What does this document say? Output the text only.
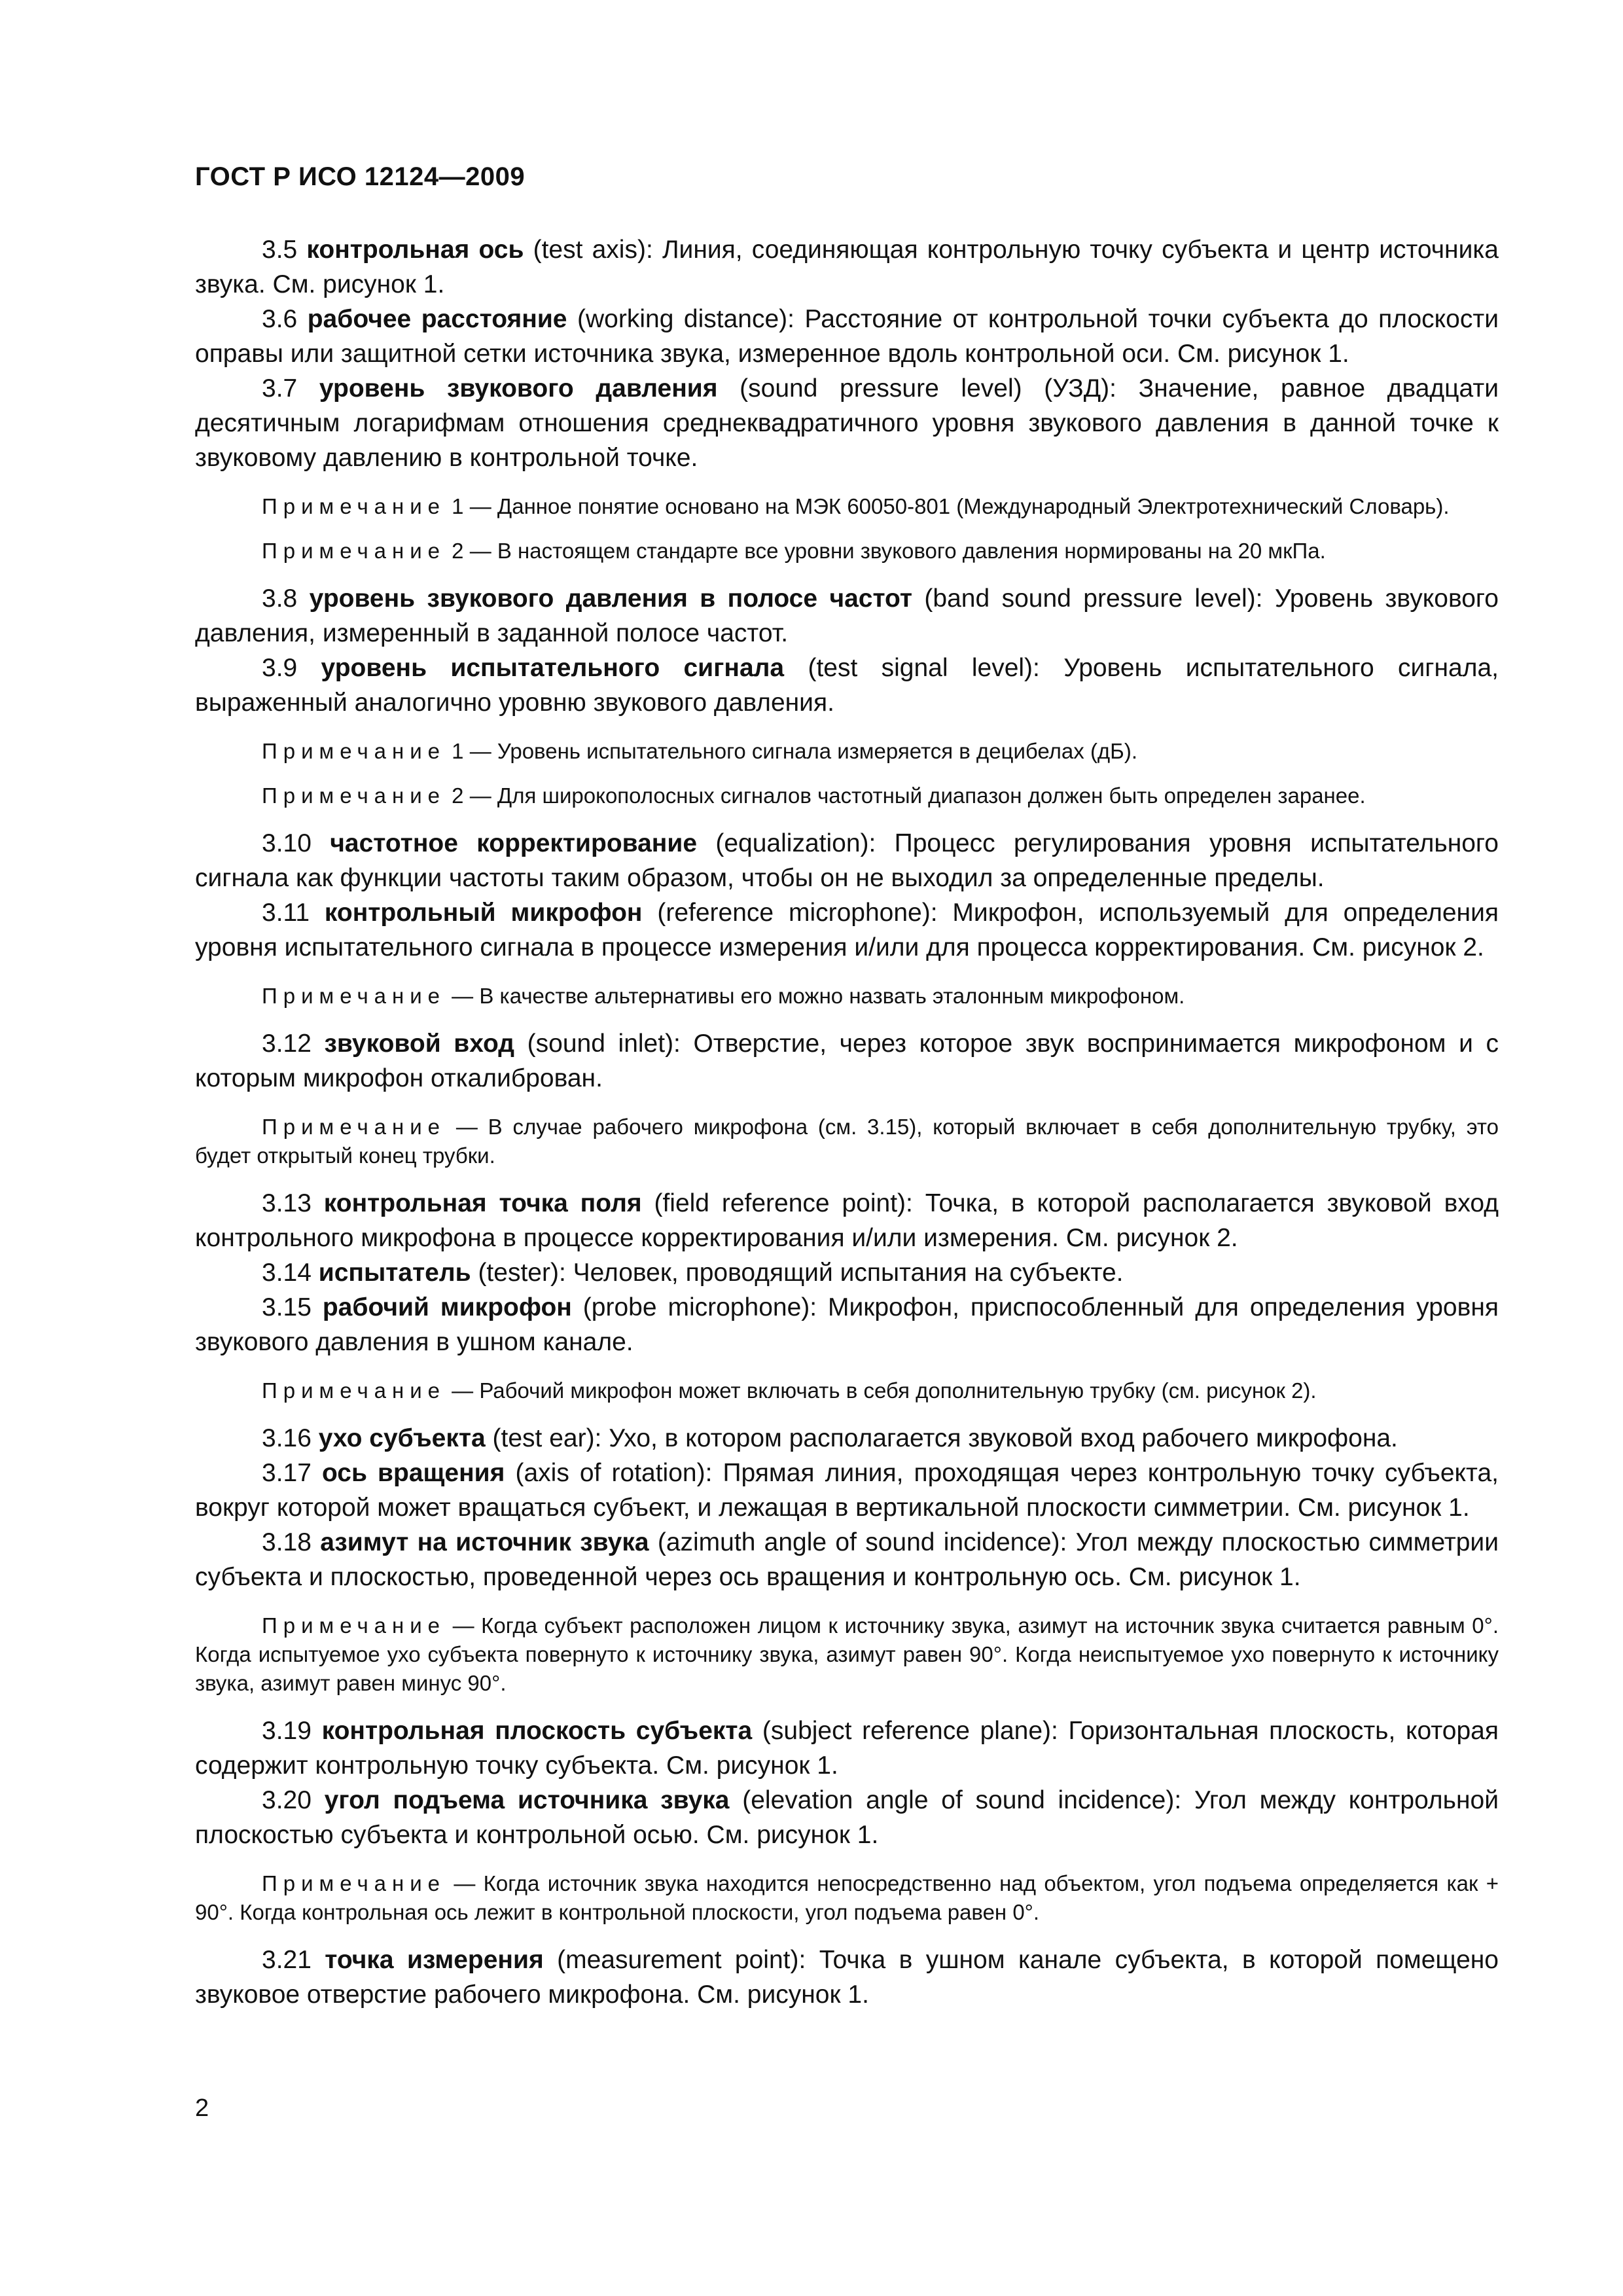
ГОСТ Р ИСО 12124—2009
3.5 контрольная ось (test axis): Линия, соединяющая контрольную точку субъекта и центр источника звука. См. рисунок 1.
3.6 рабочее расстояние (working distance): Расстояние от контрольной точки субъекта до плоскости оправы или защитной сетки источника звука, измеренное вдоль контрольной оси. См. рисунок 1.
3.7 уровень звукового давления (sound pressure level) (УЗД): Значение, равное двадцати десятичным логарифмам отношения среднеквадратичного уровня звукового давления в данной точке к звуковому давлению в контрольной точке.
Примечание 1 — Данное понятие основано на МЭК 60050-801 (Международный Электротехнический Словарь).
Примечание 2 — В настоящем стандарте все уровни звукового давления нормированы на 20 мкПа.
3.8 уровень звукового давления в полосе частот (band sound pressure level): Уровень звукового давления, измеренный в заданной полосе частот.
3.9 уровень испытательного сигнала (test signal level): Уровень испытательного сигнала, выраженный аналогично уровню звукового давления.
Примечание 1 — Уровень испытательного сигнала измеряется в децибелах (дБ).
Примечание 2 — Для широкополосных сигналов частотный диапазон должен быть определен заранее.
3.10 частотное корректирование (equalization): Процесс регулирования уровня испытательного сигнала как функции частоты таким образом, чтобы он не выходил за определенные пределы.
3.11 контрольный микрофон (reference microphone): Микрофон, используемый для определения уровня испытательного сигнала в процессе измерения и/или для процесса корректирования. См. рисунок 2.
Примечание — В качестве альтернативы его можно назвать эталонным микрофоном.
3.12 звуковой вход (sound inlet): Отверстие, через которое звук воспринимается микрофоном и с которым микрофон откалиброван.
Примечание — В случае рабочего микрофона (см. 3.15), который включает в себя дополнительную трубку, это будет открытый конец трубки.
3.13 контрольная точка поля (field reference point): Точка, в которой располагается звуковой вход контрольного микрофона в процессе корректирования и/или измерения. См. рисунок 2.
3.14 испытатель (tester): Человек, проводящий испытания на субъекте.
3.15 рабочий микрофон (probe microphone): Микрофон, приспособленный для определения уровня звукового давления в ушном канале.
Примечание — Рабочий микрофон может включать в себя дополнительную трубку (см. рисунок 2).
3.16 ухо субъекта (test ear): Ухо, в котором располагается звуковой вход рабочего микрофона.
3.17 ось вращения (axis of rotation): Прямая линия, проходящая через контрольную точку субъекта, вокруг которой может вращаться субъект, и лежащая в вертикальной плоскости симметрии. См. рисунок 1.
3.18 азимут на источник звука (azimuth angle of sound incidence): Угол между плоскостью симметрии субъекта и плоскостью, проведенной через ось вращения и контрольную ось. См. рисунок 1.
Примечание — Когда субъект расположен лицом к источнику звука, азимут на источник звука считается равным 0°. Когда испытуемое ухо субъекта повернуто к источнику звука, азимут равен 90°. Когда неиспытуемое ухо повернуто к источнику звука, азимут равен минус 90°.
3.19 контрольная плоскость субъекта (subject reference plane): Горизонтальная плоскость, которая содержит контрольную точку субъекта. См. рисунок 1.
3.20 угол подъема источника звука (elevation angle of sound incidence): Угол между контрольной плоскостью субъекта и контрольной осью. См. рисунок 1.
Примечание — Когда источник звука находится непосредственно над объектом, угол подъема определяется как + 90°. Когда контрольная ось лежит в контрольной плоскости, угол подъема равен 0°.
3.21 точка измерения (measurement point): Точка в ушном канале субъекта, в которой помещено звуковое отверстие рабочего микрофона. См. рисунок 1.
2
